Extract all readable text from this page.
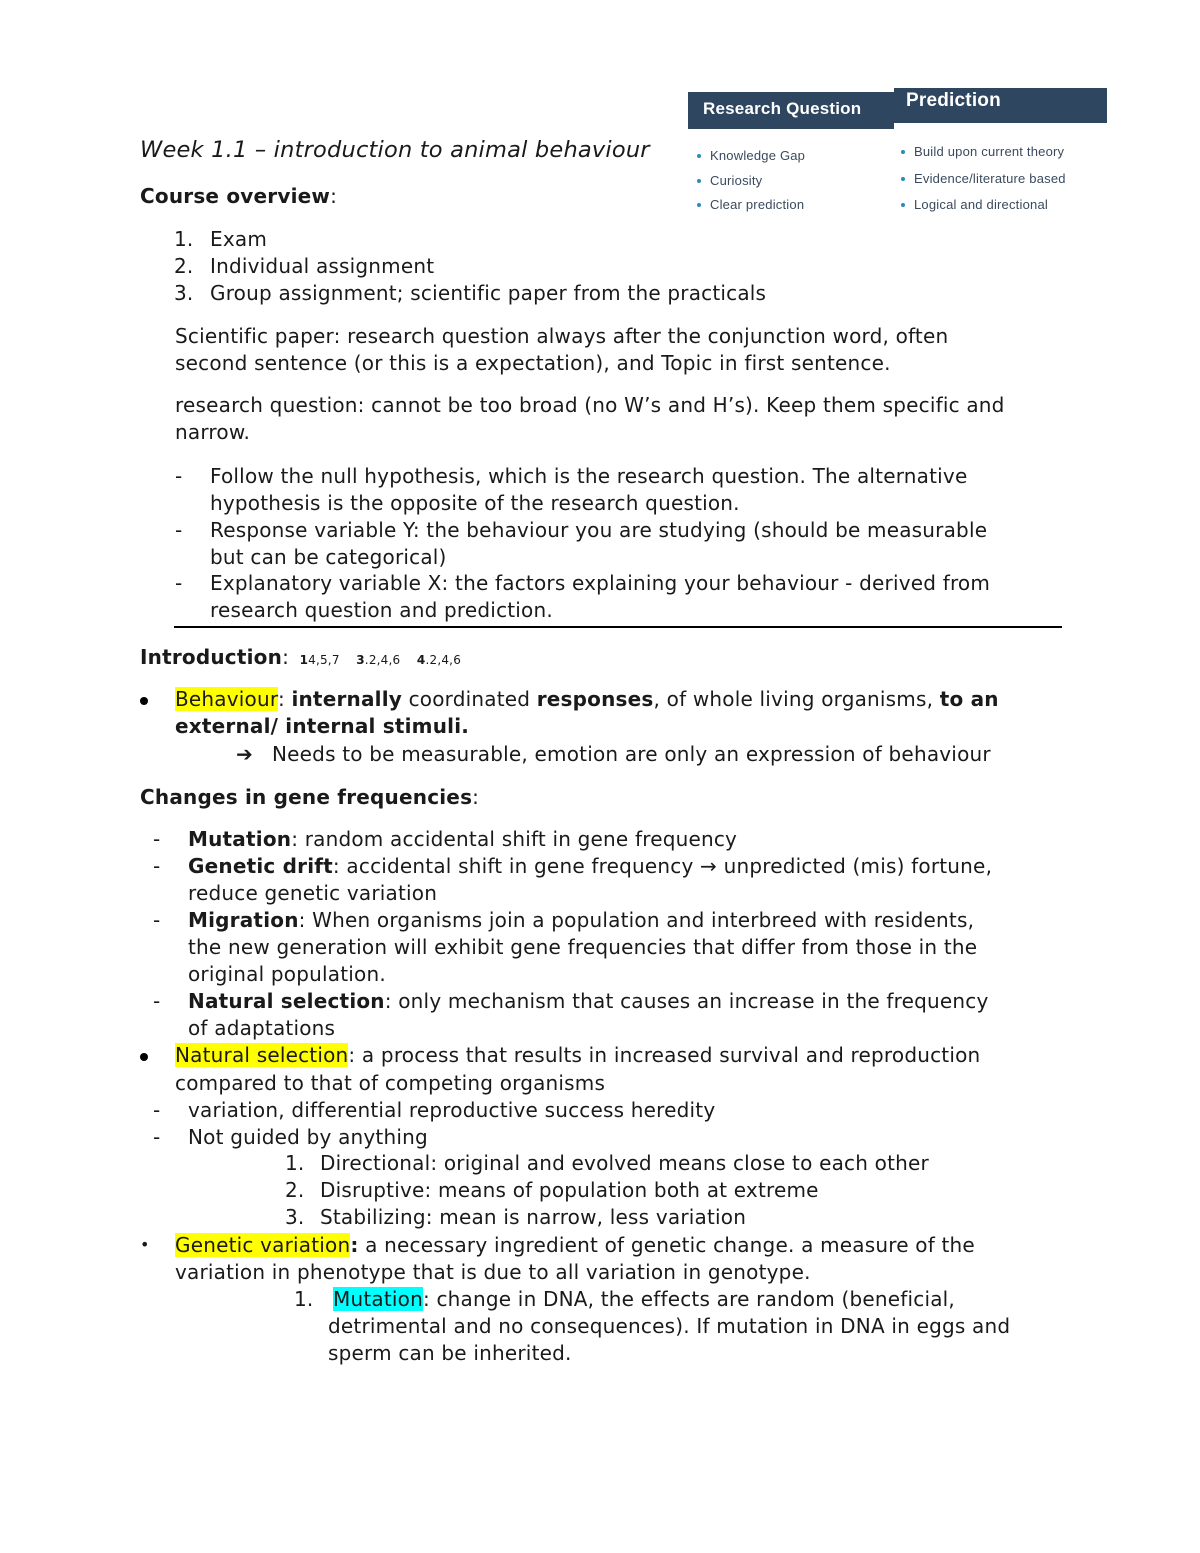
Week 1.1 – introduction to animal behaviour
Research Question Prediction
Knowledge Gap
Curiosity
Clear prediction
Build upon current theory
Evidence/literature based
Logical and directional
Course overview:
1. Exam
2. Individual assignment
3. Group assignment; scientific paper from the practicals
Scientific paper: research question always after the conjunction word, often
second sentence (or this is a expectation), and Topic in first sentence.
research question: cannot be too broad (no W’s and H’s). Keep them specific and
narrow.
- Follow the null hypothesis, which is the research question. The alternative
hypothesis is the opposite of the research question.
- Response variable Y: the behaviour you are studying (should be measurable
but can be categorical)
- Explanatory variable X: the factors explaining your behaviour - derived from
research question and prediction.
Introduction: 14,5,7 3.2,4,6 4.2,4,6
Behaviour: internally coordinated responses, of whole living organisms, to an
external/ internal stimuli.
➔ Needs to be measurable, emotion are only an expression of behaviour
Changes in gene frequencies:
- Mutation: random accidental shift in gene frequency
- Genetic drift: accidental shift in gene frequency → unpredicted (mis) fortune,
reduce genetic variation
- Migration: When organisms join a population and interbreed with residents,
the new generation will exhibit gene frequencies that differ from those in the
original population.
- Natural selection: only mechanism that causes an increase in the frequency
of adaptations
Natural selection: a process that results in increased survival and reproduction
compared to that of competing organisms
- variation, differential reproductive success heredity
- Not guided by anything
1. Directional: original and evolved means close to each other
2. Disruptive: means of population both at extreme
3. Stabilizing: mean is narrow, less variation
• Genetic variation: a necessary ingredient of genetic change. a measure of the
variation in phenotype that is due to all variation in genotype.
1. Mutation: change in DNA, the effects are random (beneficial,
detrimental and no consequences). If mutation in DNA in eggs and
sperm can be inherited.
